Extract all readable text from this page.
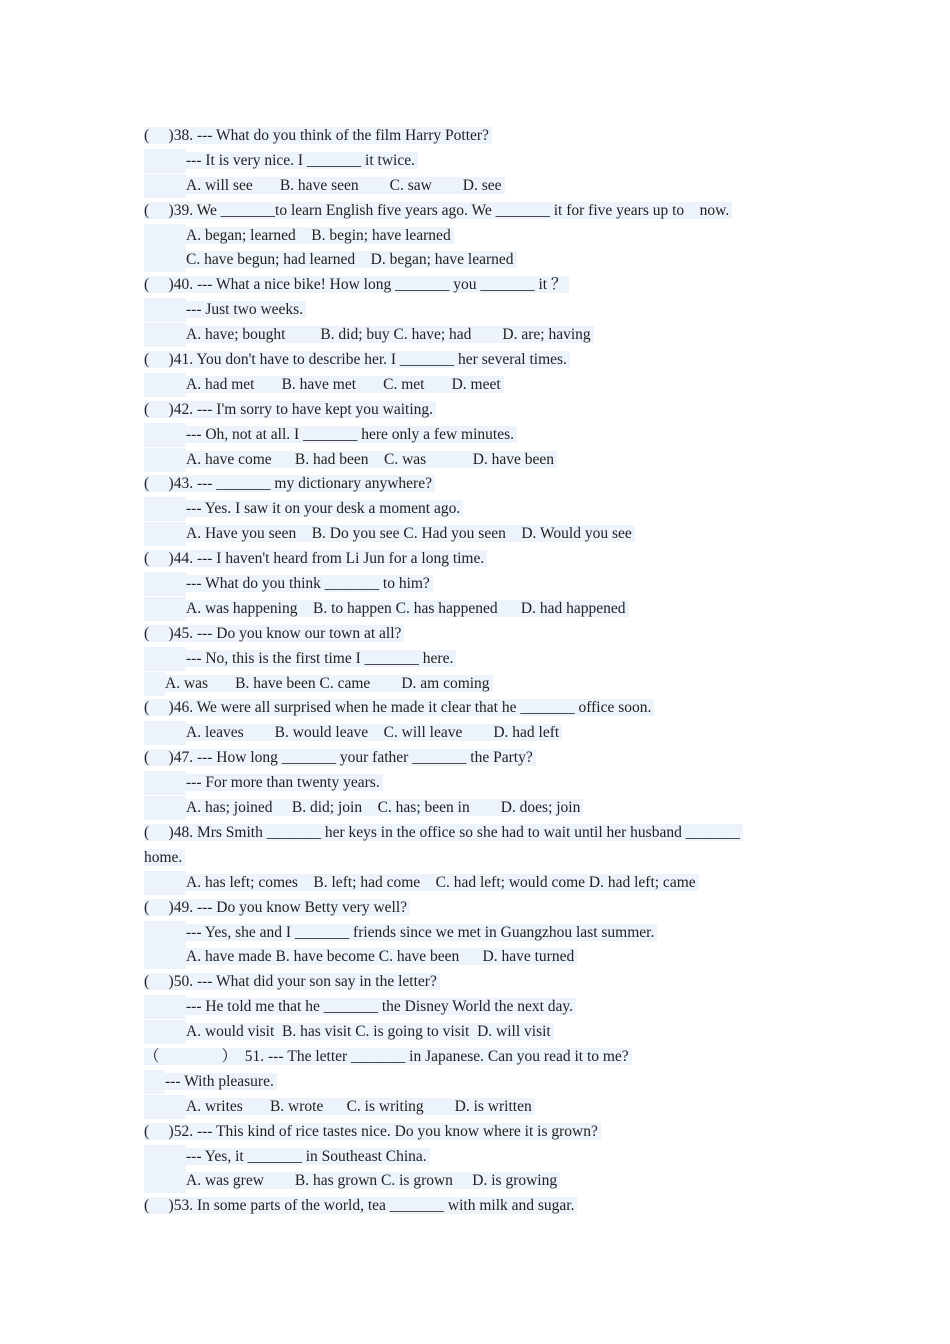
(     )38. --- What do you think of the film Harry Potter?
--- It is very nice. I _______ it twice.
A. will see       B. have seen        C. saw        D. see
(     )39. We _______to learn English five years ago. We _______ it for five years up to    now.
A. began; learned    B. begin; have learned
C. have begun; had learned    D. began; have learned
(     )40. --- What a nice bike! How long _______ you _______ it ？
--- Just two weeks.
A. have; bought         B. did; buy C. have; had        D. are; having
(     )41. You don't have to describe her. I _______ her several times.
A. had met       B. have met       C. met       D. meet
(     )42. --- I'm sorry to have kept you waiting.
--- Oh, not at all. I _______ here only a few minutes.
A. have come      B. had been    C. was            D. have been
(     )43. --- _______ my dictionary anywhere?
--- Yes. I saw it on your desk a moment ago.
A. Have you seen    B. Do you see C. Had you seen    D. Would you see
(     )44. --- I haven't heard from Li Jun for a long time.
--- What do you think _______ to him?
A. was happening    B. to happen C. has happened      D. had happened
(     )45. --- Do you know our town at all?
--- No, this is the first time I _______ here.
A. was       B. have been C. came        D. am coming
(     )46. We were all surprised when he made it clear that he _______ office soon.
A. leaves        B. would leave    C. will leave        D. had left
(     )47. --- How long _______ your father _______ the Party?
--- For more than twenty years.
A. has; joined     B. did; join    C. has; been in        D. does; join
(     )48. Mrs Smith _______ her keys in the office so she had to wait until her husband _______
home.
A. has left; comes    B. left; had come    C. had left; would come D. had left; came
(     )49. --- Do you know Betty very well?
--- Yes, she and I _______ friends since we met in Guangzhou last summer.
A. have made B. have become C. have been      D. have turned
(     )50. --- What did your son say in the letter?
--- He told me that he _______ the Disney World the next day.
A. would visit  B. has visit C. is going to visit  D. will visit
（                ）  51. --- The letter _______ in Japanese. Can you read it to me?
--- With pleasure.
A. writes       B. wrote      C. is writing        D. is written
(     )52. --- This kind of rice tastes nice. Do you know where it is grown?
--- Yes, it _______ in Southeast China.
A. was grew        B. has grown C. is grown     D. is growing
(     )53. In some parts of the world, tea _______ with milk and sugar.
